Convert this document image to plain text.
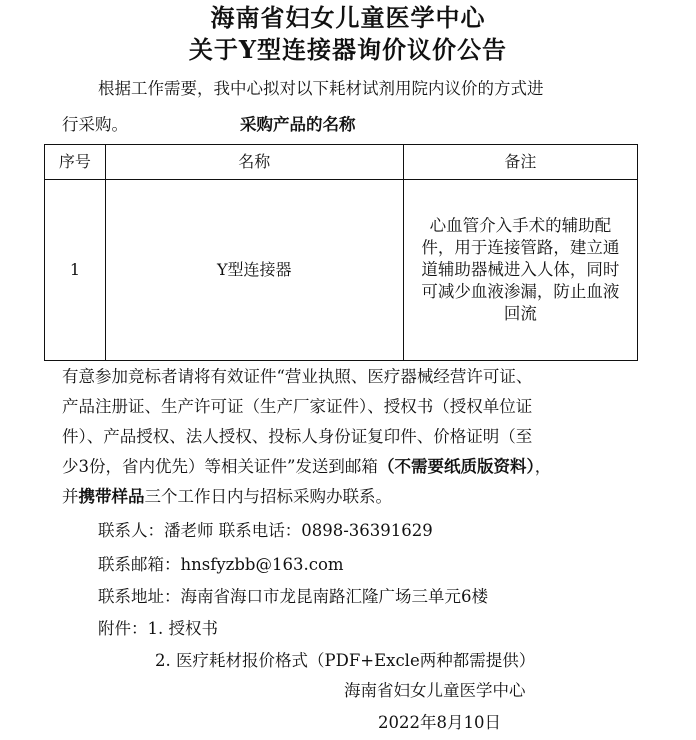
海南省妇女儿童医学中心
关于Y型连接器询价议价公告
根据工作需要，我中心拟对以下耗材试剂用院内议价的方式进
行采购。	采购产品的名称
序号	名称	备注
1	Y型连接器	心血管介入手术的辅助配
件，用于连接管路，建立通
道辅助器械进入人体，同时
可减少血液渗漏，防止血液
回流
有意参加竞标者请将有效证件“营业执照、医疗器械经营许可证、
产品注册证、生产许可证（生产厂家证件）、授权书（授权单位证
件）、产品授权、法人授权、投标人身份证复印件、价格证明（至
少3份，省内优先）等相关证件”发送到邮箱（不需要纸质版资料），
并携带样品三个工作日内与招标采购办联系。
联系人：潘老师 联系电话：0898-36391629
联系邮箱：hnsfyzbb@163.com
联系地址：海南省海口市龙昆南路汇隆广场三单元6楼
附件：1. 授权书
2. 医疗耗材报价格式（PDF+Excle两种都需提供）
海南省妇女儿童医学中心
2022年8月10日
